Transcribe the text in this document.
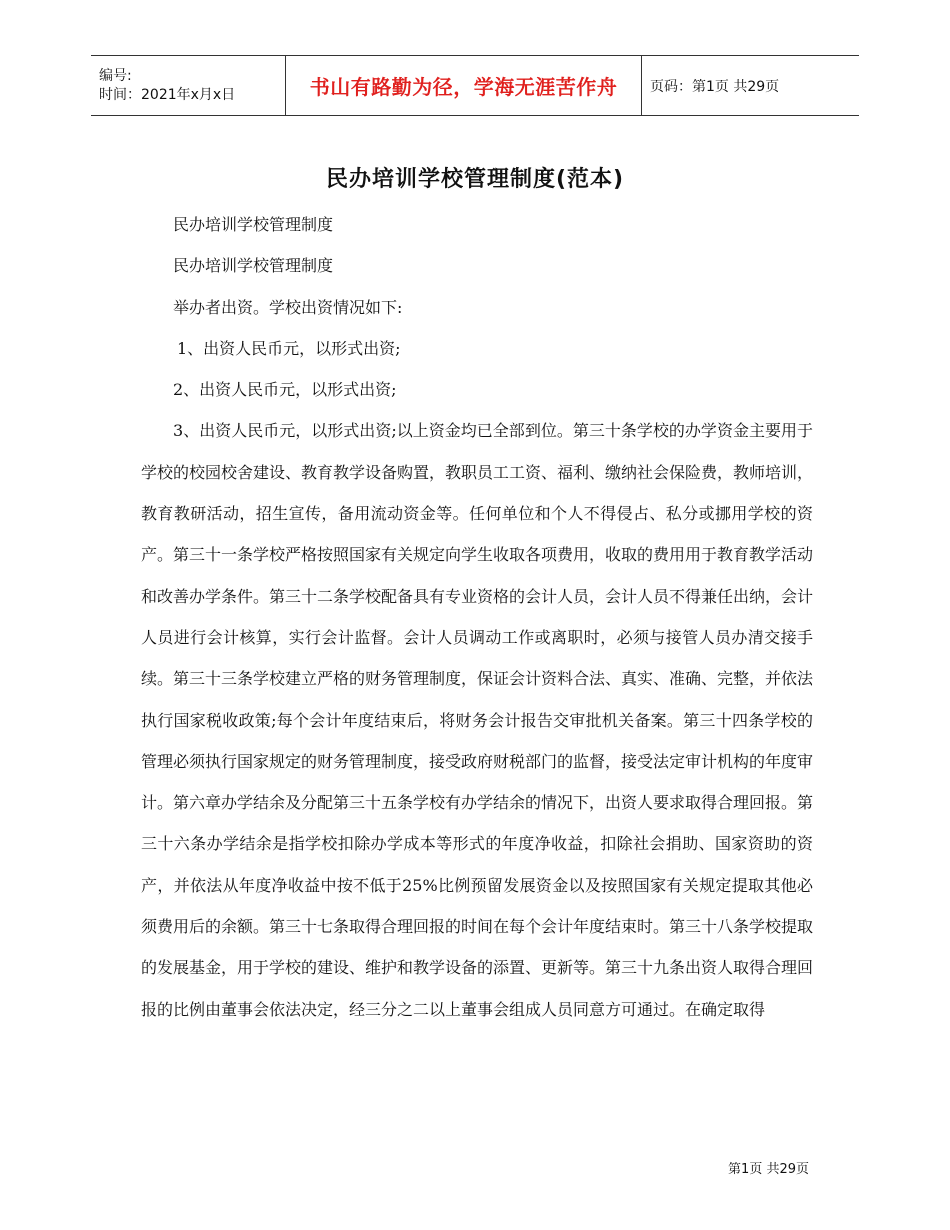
编号:
时间：2021年x月x日	书山有路勤为径，学海无涯苦作舟 页码：第1页 共29页
民办培训学校管理制度(范本)

民办培训学校管理制度

民办培训学校管理制度

举办者出资。学校出资情况如下:

1、出资人民币元，以形式出资;

2、出资人民币元，以形式出资;

3、出资人民币元，以形式出资;以上资金均已全部到位。第三十条学校的办学资金主要用于学校的校园校舍建设、教育教学设备购置，教职员工工资、福利、缴纳社会保险费，教师培训，教育教研活动，招生宣传，备用流动资金等。任何单位和个人不得侵占、私分或挪用学校的资产。第三十一条学校严格按照国家有关规定向学生收取各项费用，收取的费用用于教育教学活动和改善办学条件。第三十二条学校配备具有专业资格的会计人员，会计人员不得兼任出纳，会计人员进行会计核算，实行会计监督。会计人员调动工作或离职时，必须与接管人员办清交接手续。第三十三条学校建立严格的财务管理制度，保证会计资料合法、真实、准确、完整，并依法执行国家税收政策;每个会计年度结束后，将财务会计报告交审批机关备案。第三十四条学校的管理必须执行国家规定的财务管理制度，接受政府财税部门的监督，接受法定审计机构的年度审计。第六章办学结余及分配第三十五条学校有办学结余的情况下，出资人要求取得合理回报。第三十六条办学结余是指学校扣除办学成本等形式的年度净收益，扣除社会捐助、国家资助的资产，并依法从年度净收益中按不低于25%比例预留发展资金以及按照国家有关规定提取其他必须费用后的余额。第三十七条取得合理回报的时间在每个会计年度结束时。第三十八条学校提取的发展基金，用于学校的建设、维护和教学设备的添置、更新等。第三十九条出资人取得合理回报的比例由董事会依法决定，经三分之二以上董事会组成人员同意方可通过。在确定取得

第1页 共29页
